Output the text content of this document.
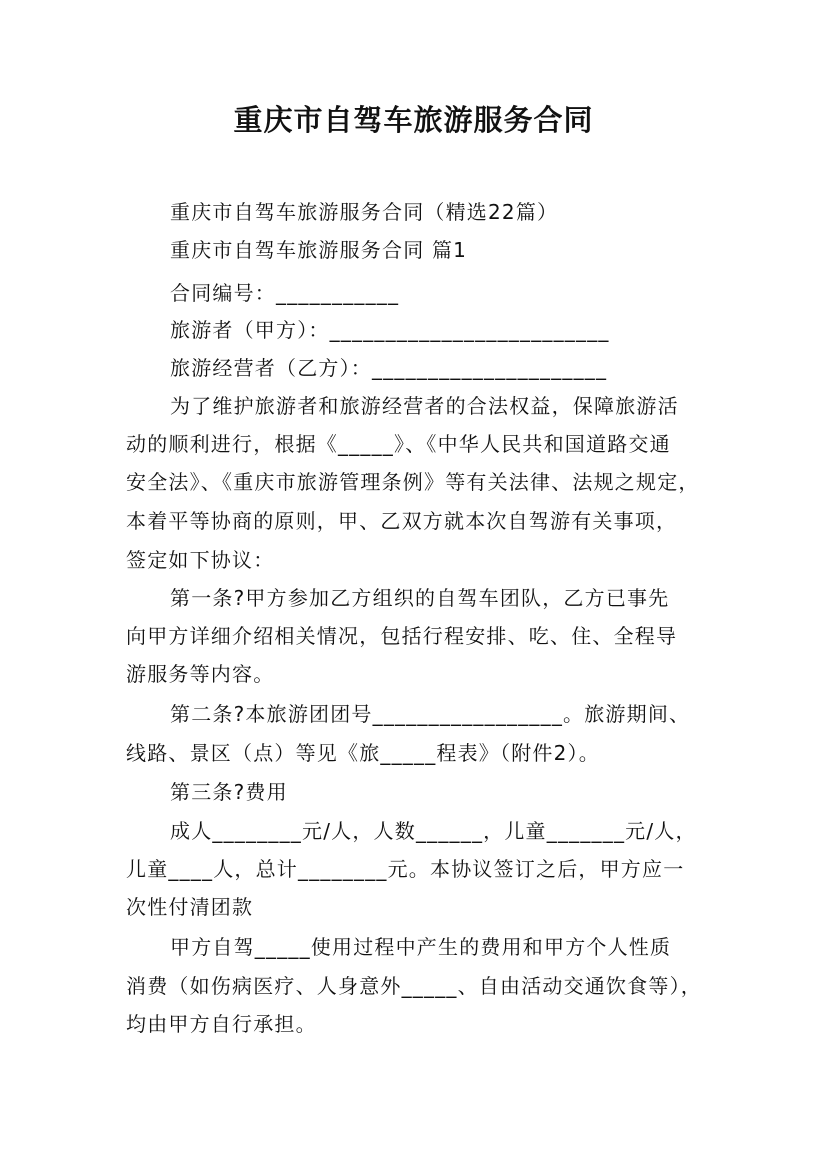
重庆市自驾车旅游服务合同
重庆市自驾车旅游服务合同（精选22篇）
重庆市自驾车旅游服务合同 篇1
合同编号：___________
旅游者（甲方）：_________________________
旅游经营者（乙方）：_____________________
为了维护旅游者和旅游经营者的合法权益，保障旅游活
动的顺利进行，根据《_____》、《中华人民共和国道路交通
安全法》、《重庆市旅游管理条例》等有关法律、法规之规定，
本着平等协商的原则，甲、乙双方就本次自驾游有关事项，
签定如下协议：
第一条?甲方参加乙方组织的自驾车团队，乙方已事先
向甲方详细介绍相关情况，包括行程安排、吃、住、全程导
游服务等内容。
第二条?本旅游团团号_________________。旅游期间、
线路、景区（点）等见《旅_____程表》（附件2）。
第三条?费用
成人________元/人，人数______，儿童_______元/人，
儿童____人，总计________元。本协议签订之后，甲方应一
次性付清团款
甲方自驾_____使用过程中产生的费用和甲方个人性质
消费（如伤病医疗、人身意外_____、自由活动交通饮食等），
均由甲方自行承担。
